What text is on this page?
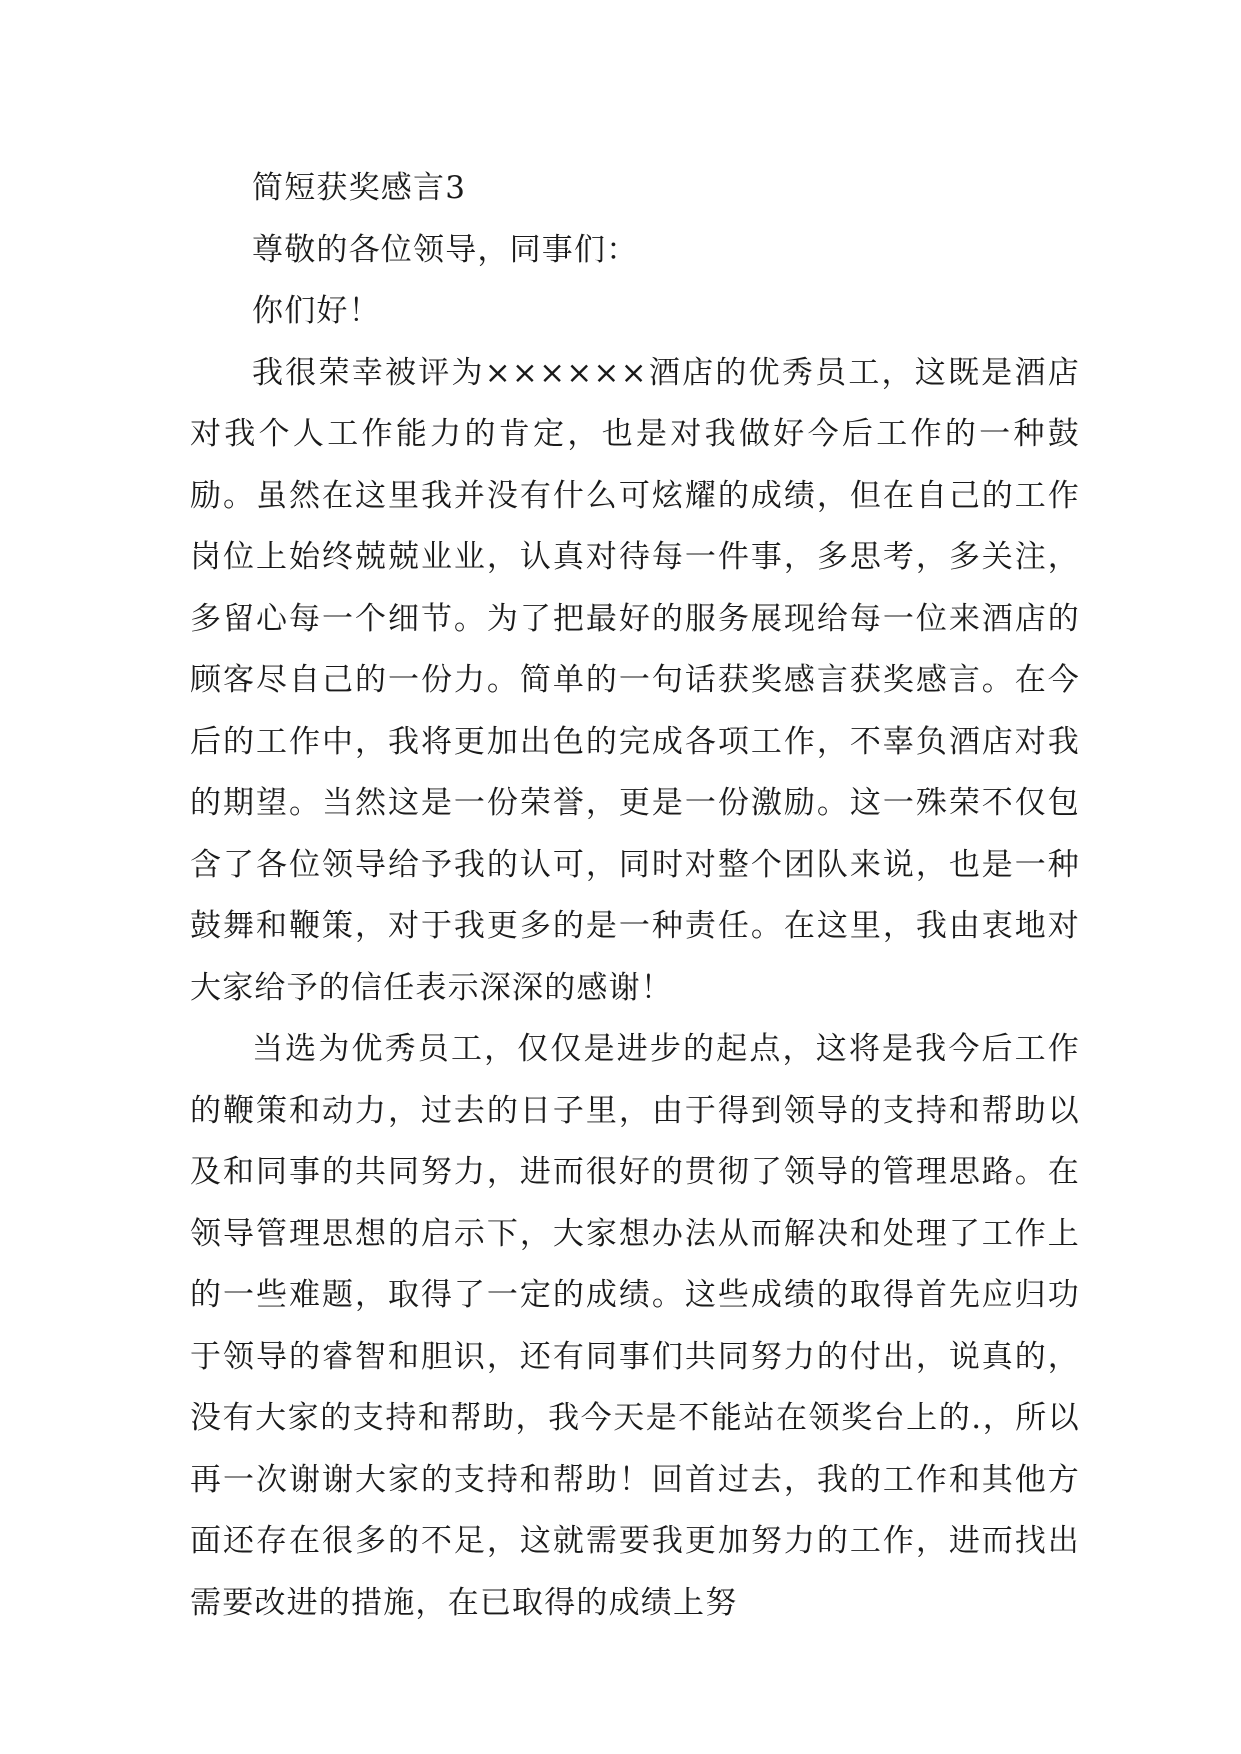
简短获奖感言3

尊敬的各位领导，同事们：

你们好！

我很荣幸被评为××××××酒店的优秀员工，这既是酒店对我个人工作能力的肯定，也是对我做好今后工作的一种鼓励。虽然在这里我并没有什么可炫耀的成绩，但在自己的工作岗位上始终兢兢业业，认真对待每一件事，多思考，多关注，多留心每一个细节。为了把最好的服务展现给每一位来酒店的顾客尽自己的一份力。简单的一句话获奖感言获奖感言。在今后的工作中，我将更加出色的完成各项工作，不辜负酒店对我的期望。当然这是一份荣誉，更是一份激励。这一殊荣不仅包含了各位领导给予我的认可，同时对整个团队来说，也是一种鼓舞和鞭策，对于我更多的是一种责任。在这里，我由衷地对大家给予的信任表示深深的感谢！

当选为优秀员工，仅仅是进步的起点，这将是我今后工作的鞭策和动力，过去的日子里，由于得到领导的支持和帮助以及和同事的共同努力，进而很好的贯彻了领导的管理思路。在领导管理思想的启示下，大家想办法从而解决和处理了工作上的一些难题，取得了一定的成绩。这些成绩的取得首先应归功于领导的睿智和胆识，还有同事们共同努力的付出，说真的，没有大家的支持和帮助，我今天是不能站在领奖台上的.，所以再一次谢谢大家的支持和帮助！回首过去，我的工作和其他方面还存在很多的不足，这就需要我更加努力的工作，进而找出需要改进的措施，在已取得的成绩上努
